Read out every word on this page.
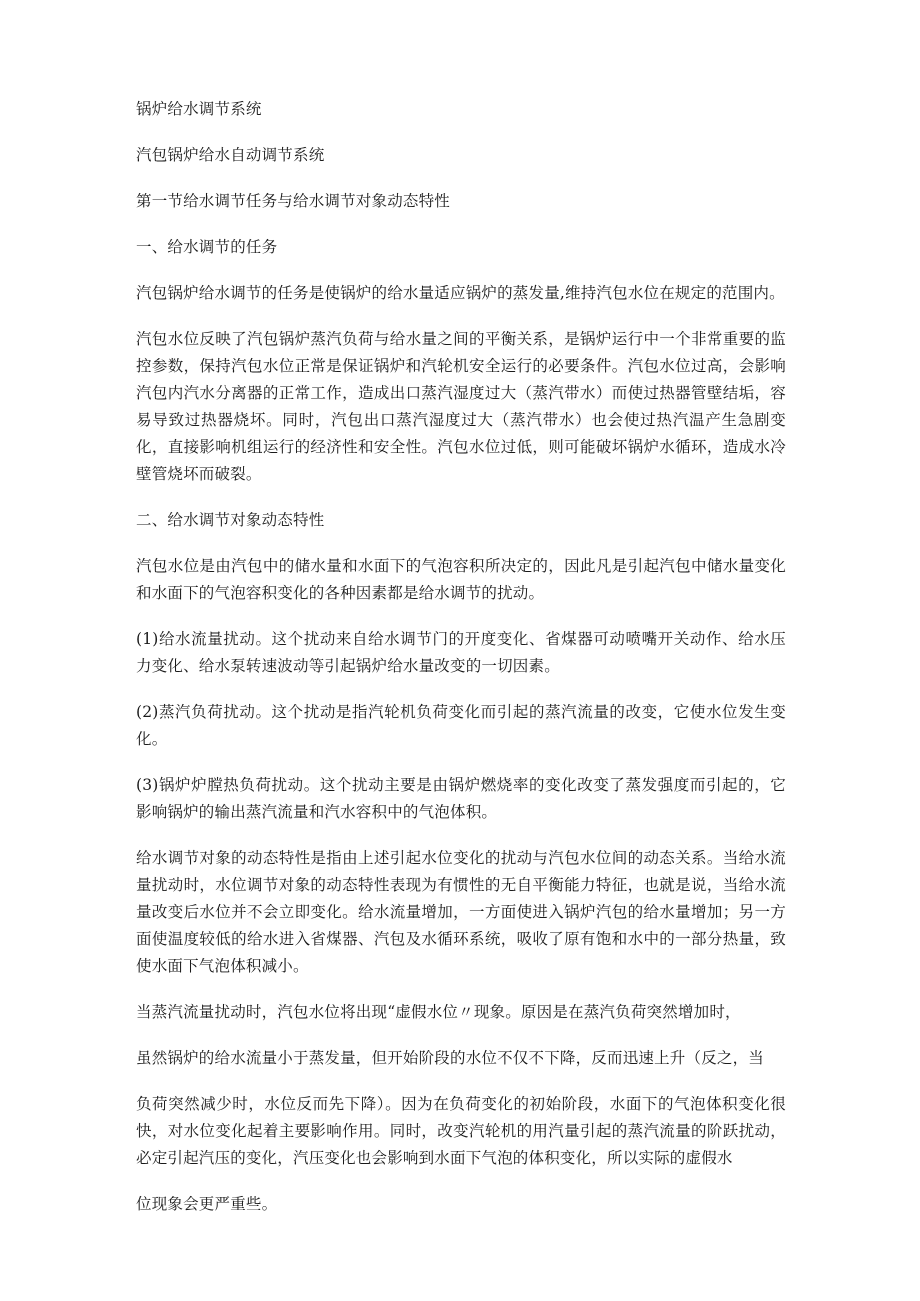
锅炉给水调节系统

汽包锅炉给水自动调节系统

第一节给水调节任务与给水调节对象动态特性

一、给水调节的任务

汽包锅炉给水调节的任务是使锅炉的给水量适应锅炉的蒸发量,维持汽包水位在规定的范围内。

汽包水位反映了汽包锅炉蒸汽负荷与给水量之间的平衡关系，是锅炉运行中一个非常重要的监控参数，保持汽包水位正常是保证锅炉和汽轮机安全运行的必要条件。汽包水位过高，会影响汽包内汽水分离器的正常工作，造成出口蒸汽湿度过大（蒸汽带水）而使过热器管壁结垢，容易导致过热器烧坏。同时，汽包出口蒸汽湿度过大（蒸汽带水）也会使过热汽温产生急剧变化，直接影响机组运行的经济性和安全性。汽包水位过低，则可能破坏锅炉水循环，造成水冷壁管烧坏而破裂。

二、给水调节对象动态特性

汽包水位是由汽包中的储水量和水面下的气泡容积所决定的，因此凡是引起汽包中储水量变化和水面下的气泡容积变化的各种因素都是给水调节的扰动。

(1)给水流量扰动。这个扰动来自给水调节门的开度变化、省煤器可动喷嘴开关动作、给水压力变化、给水泵转速波动等引起锅炉给水量改变的一切因素。

(2)蒸汽负荷扰动。这个扰动是指汽轮机负荷变化而引起的蒸汽流量的改变，它使水位发生变化。

(3)锅炉炉膛热负荷扰动。这个扰动主要是由锅炉燃烧率的变化改变了蒸发强度而引起的，它影响锅炉的输出蒸汽流量和汽水容积中的气泡体积。

给水调节对象的动态特性是指由上述引起水位变化的扰动与汽包水位间的动态关系。当给水流量扰动时，水位调节对象的动态特性表现为有惯性的无自平衡能力特征，也就是说，当给水流量改变后水位并不会立即变化。给水流量增加，一方面使进入锅炉汽包的给水量增加；另一方面使温度较低的给水进入省煤器、汽包及水循环系统，吸收了原有饱和水中的一部分热量，致使水面下气泡体积减小。

当蒸汽流量扰动时，汽包水位将出现“虚假水位〃现象。原因是在蒸汽负荷突然增加时，

虽然锅炉的给水流量小于蒸发量，但开始阶段的水位不仅不下降，反而迅速上升（反之，当

负荷突然减少时，水位反而先下降）。因为在负荷变化的初始阶段，水面下的气泡体积变化很快，对水位变化起着主要影响作用。同时，改变汽轮机的用汽量引起的蒸汽流量的阶跃扰动，必定引起汽压的变化，汽压变化也会影响到水面下气泡的体积变化，所以实际的虚假水

位现象会更严重些。
